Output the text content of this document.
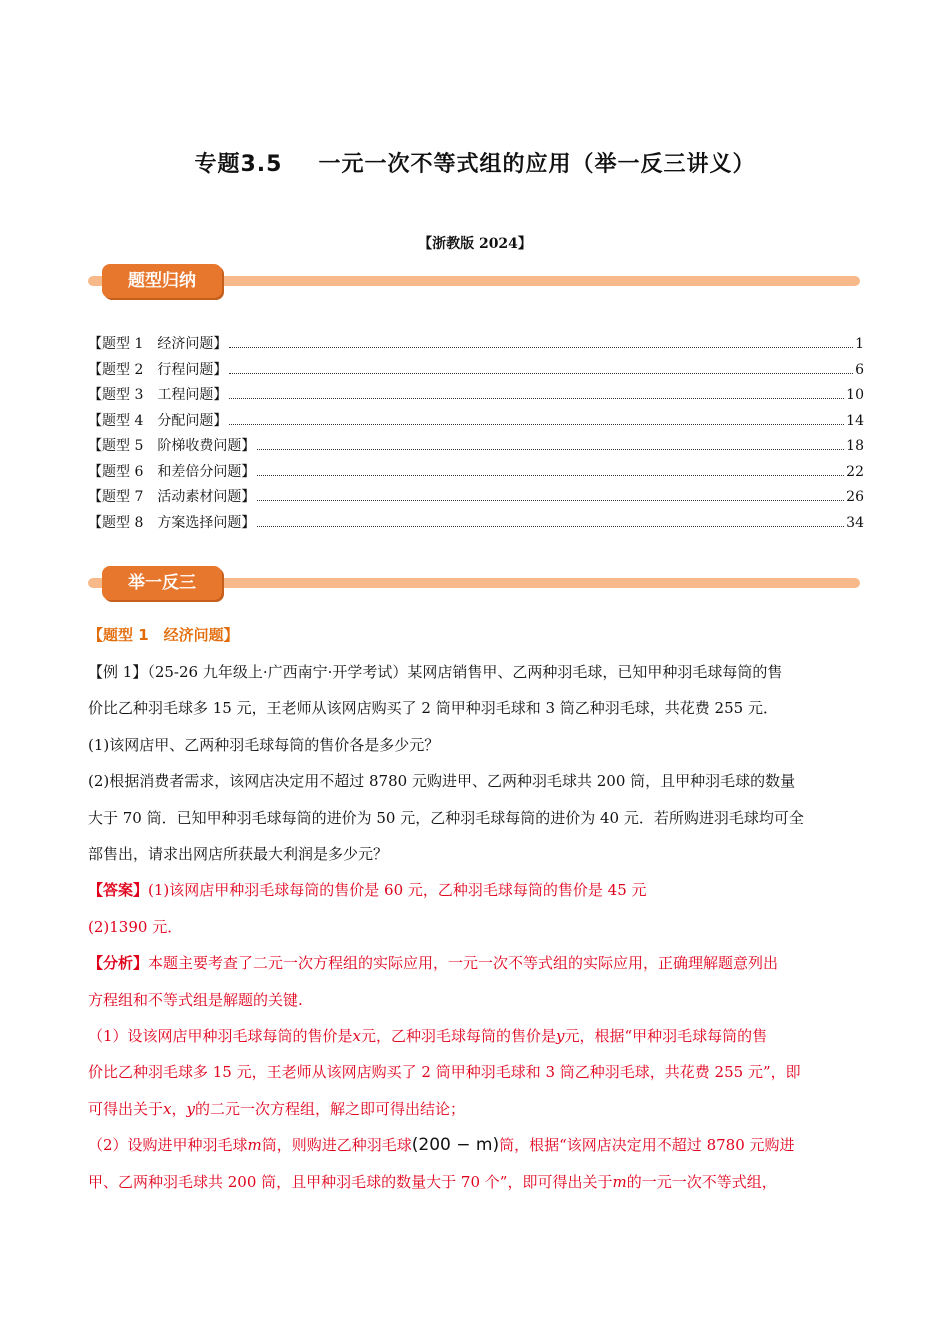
专题3.5 一元一次不等式组的应用（举一反三讲义）
【浙教版 2024】
题型归纳
【题型 1　经济问题】	1
【题型 2　行程问题】	6
【题型 3　工程问题】	10
【题型 4　分配问题】	14
【题型 5　阶梯收费问题】	18
【题型 6　和差倍分问题】	22
【题型 7　活动素材问题】	26
【题型 8　方案选择问题】	34
举一反三
【题型 1　经济问题】

【例 1】（25-26 九年级上·广西南宁·开学考试）某网店销售甲、乙两种羽毛球，已知甲种羽毛球每筒的售

价比乙种羽毛球多 15 元，王老师从该网店购买了 2 筒甲种羽毛球和 3 筒乙种羽毛球，共花费 255 元．

(1)该网店甲、乙两种羽毛球每筒的售价各是多少元？

(2)根据消费者需求，该网店决定用不超过 8780 元购进甲、乙两种羽毛球共 200 筒，且甲种羽毛球的数量

大于 70 筒．已知甲种羽毛球每筒的进价为 50 元，乙种羽毛球每筒的进价为 40 元．若所购进羽毛球均可全

部售出，请求出网店所获最大利润是多少元？

【答案】(1)该网店甲种羽毛球每筒的售价是 60 元，乙种羽毛球每筒的售价是 45 元

(2)1390 元．

【分析】本题主要考查了二元一次方程组的实际应用，一元一次不等式组的实际应用，正确理解题意列出

方程组和不等式组是解题的关键.

（1）设该网店甲种羽毛球每筒的售价是x元，乙种羽毛球每筒的售价是y元，根据“甲种羽毛球每筒的售

价比乙种羽毛球多 15 元，王老师从该网店购买了 2 筒甲种羽毛球和 3 筒乙种羽毛球，共花费 255 元”，即

可得出关于x，y的二元一次方程组，解之即可得出结论；

（2）设购进甲种羽毛球m筒，则购进乙种羽毛球(200 − m)筒，根据“该网店决定用不超过 8780 元购进

甲、乙两种羽毛球共 200 筒，且甲种羽毛球的数量大于 70 个”，即可得出关于m的一元一次不等式组，
